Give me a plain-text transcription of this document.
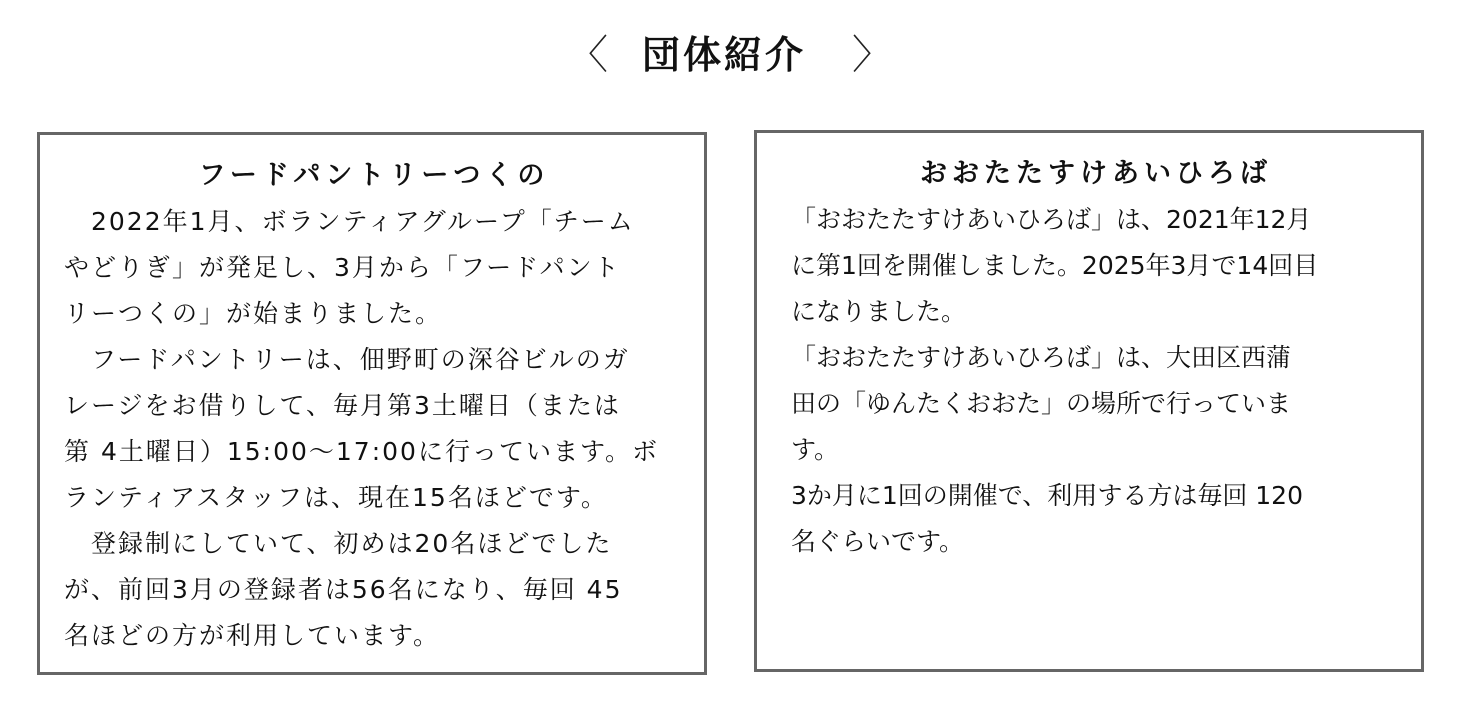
〈 団体紹介 〉

フードパントリーつくの

　2022年1月、ボランティアグループ「チーム
やどりぎ」が発足し、3月から「フードパント
リーつくの」が始まりました。

　フードパントリーは、佃野町の深谷ビルのガ
レージをお借りして、毎月第3土曜日（または
第 4土曜日）15:00〜17:00に行っています。ボ
ランティアスタッフは、現在15名ほどです。

　登録制にしていて、初めは20名ほどでした
が、前回3月の登録者は56名になり、毎回 45
名ほどの方が利用しています。

おおたたすけあいひろば

「おおたたすけあいひろば」は、2021年12月
に第1回を開催しました。2025年3月で14回目
になりました。

「おおたたすけあいひろば」は、大田区西蒲
田の「ゆんたくおおた」の場所で行っていま
す。

3か月に1回の開催で、利用する方は毎回 120
名ぐらいです。
